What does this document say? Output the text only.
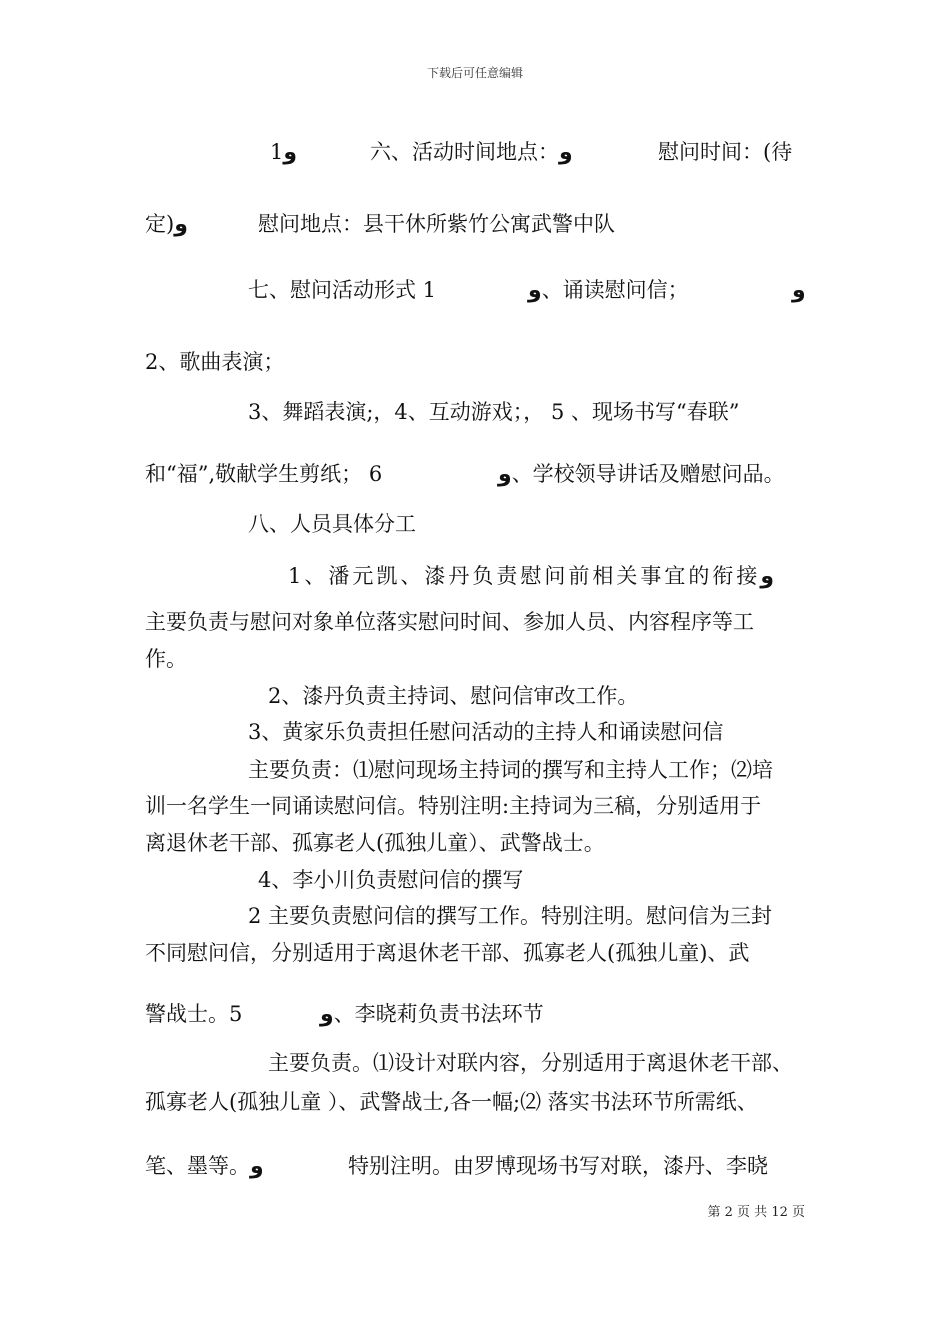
下载后可任意编辑
1و	六、活动时间地点：و	慰问时间：(待
定)و	慰问地点：县干休所紫竹公寓武警中队
七、慰问活动形式 1	و、诵读慰问信；	و
2、歌曲表演；
3、舞蹈表演;，4、互动游戏；， 5 、现场书写“春联”
和“福”,敬献学生剪纸； 6	و、学校领导讲话及赠慰问品。
八、人员具体分工
1、潘元凯、漆丹负责慰问前相关事宜的衔接و
主要负责与慰问对象单位落实慰问时间、参加人员、内容程序等工
作。
2、漆丹负责主持词、慰问信审改工作。
3、黄家乐负责担任慰问活动的主持人和诵读慰问信
主要负责：⑴慰问现场主持词的撰写和主持人工作；⑵培
训一名学生一同诵读慰问信。特别注明:主持词为三稿，分别适用于
离退休老干部、孤寡老人(孤独儿童）、武警战士。
4、李小川负责慰问信的撰写
2 主要负责慰问信的撰写工作。特别注明。慰问信为三封
不同慰问信，分别适用于离退休老干部、孤寡老人(孤独儿童)、武
警战士。5	و、李晓莉负责书法环节
主要负责。⑴设计对联内容，分别适用于离退休老干部、
孤寡老人(孤独儿童 ）、武警战士,各一幅;⑵ 落实书法环节所需纸、
笔、墨等。و	特别注明。由罗博现场书写对联，漆丹、李晓
第 2 页 共 12 页
